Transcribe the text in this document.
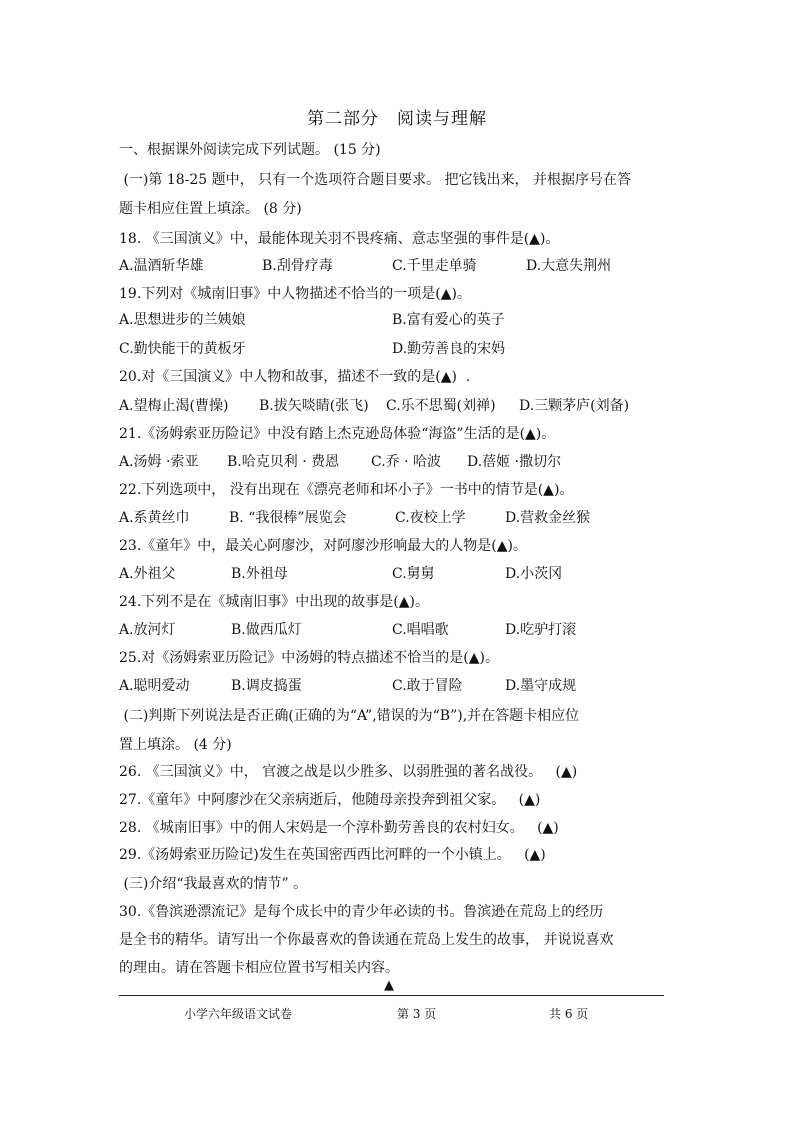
第二部分　阅读与理解
一、根据课外阅读完成下列试题。 (15 分)
(一)第 18-25 题中， 只有一个选项符合题目要求。 把它钱出来， 并根据序号在答
题卡相应住置上填涂。 (8 分)
18. 《三国演义》中，最能体现关羽不畏疼痛、意志坚强的事件是(▲)。

A.温酒斩华雄

	B.刮骨疗毒

	C.千里走单骑

	D.大意失荆州

19.下列对《城南旧事》中人物描述不恰当的一项是(▲)。

A.思想进步的兰姨娘

	B.富有爱心的英子

C.勤快能干的黄板牙

	D.勤劳善良的宋妈

20.对《三国演义》中人物和故事，描述不一致的是(▲)  .

A.望梅止渴(曹操)

B.拔矢啖睛(张飞)

C.乐不思蜀(刘禅)

D.三颗茅庐(刘备)

21.《汤姆索亚历险记》中没有踏上杰克逊岛体验“海盗”生活的是(▲)。

A.汤姆 ·索亚

B.哈克贝利 · 费恩

C.乔 · 哈波

D.蓓姬 ·撒切尔

22.下列选项中， 没有出现在《漂亮老师和坏小子》一书中的情节是(▲)。

A.系黄丝巾

	B. “我很棒”展览会

	C.夜校上学

	D.营救金丝猴

23.《童年》中，最关心阿廖沙，对阿廖沙形响最大的人物是(▲)。

A.外祖父

	B.外祖母

	C.舅舅

	D.小茨冈

24.下列不是在《城南旧事》中出现的故事是(▲)。

A.放河灯

	B.做西瓜灯

	C.唱唱歌

	D.吃驴打滚

25.对《汤姆索亚历险记》中汤姆的特点描述不恰当的是(▲)。

A.聪明爱动

	B.调皮捣蛋

	C.敢于冒险

	D.墨守成规

(二)判斯下列说法是否正确(正确的为“A”,错误的为“B”),并在答题卡相应位
置上填涂。 (4 分)
26. 《三国演义》中， 官渡之战是以少胜多、以弱胜强的著名战役。   (▲)
27.《童年》中阿廖沙在父亲病逝后，他随母亲投奔到祖父家。   (▲)
28. 《城南旧事》中的佣人宋妈是一个淳朴勤劳善良的农村妇女。   (▲)
29.《汤姆索亚历险记)发生在英国密西西比河畔的一个小镇上。   (▲)
(三)介绍“我最喜欢的情节” 。
30.《鲁滨逊漂流记》是每个成长中的青少年必读的书。鲁滨逊在荒岛上的经历
是全书的精华。请写出一个你最喜欢的鲁读通在荒岛上发生的故事， 并说说喜欢
的理由。请在答题卡相应位置书写相关内容。
▲
小学六年级语文试卷	第 3 页	共 6 页
